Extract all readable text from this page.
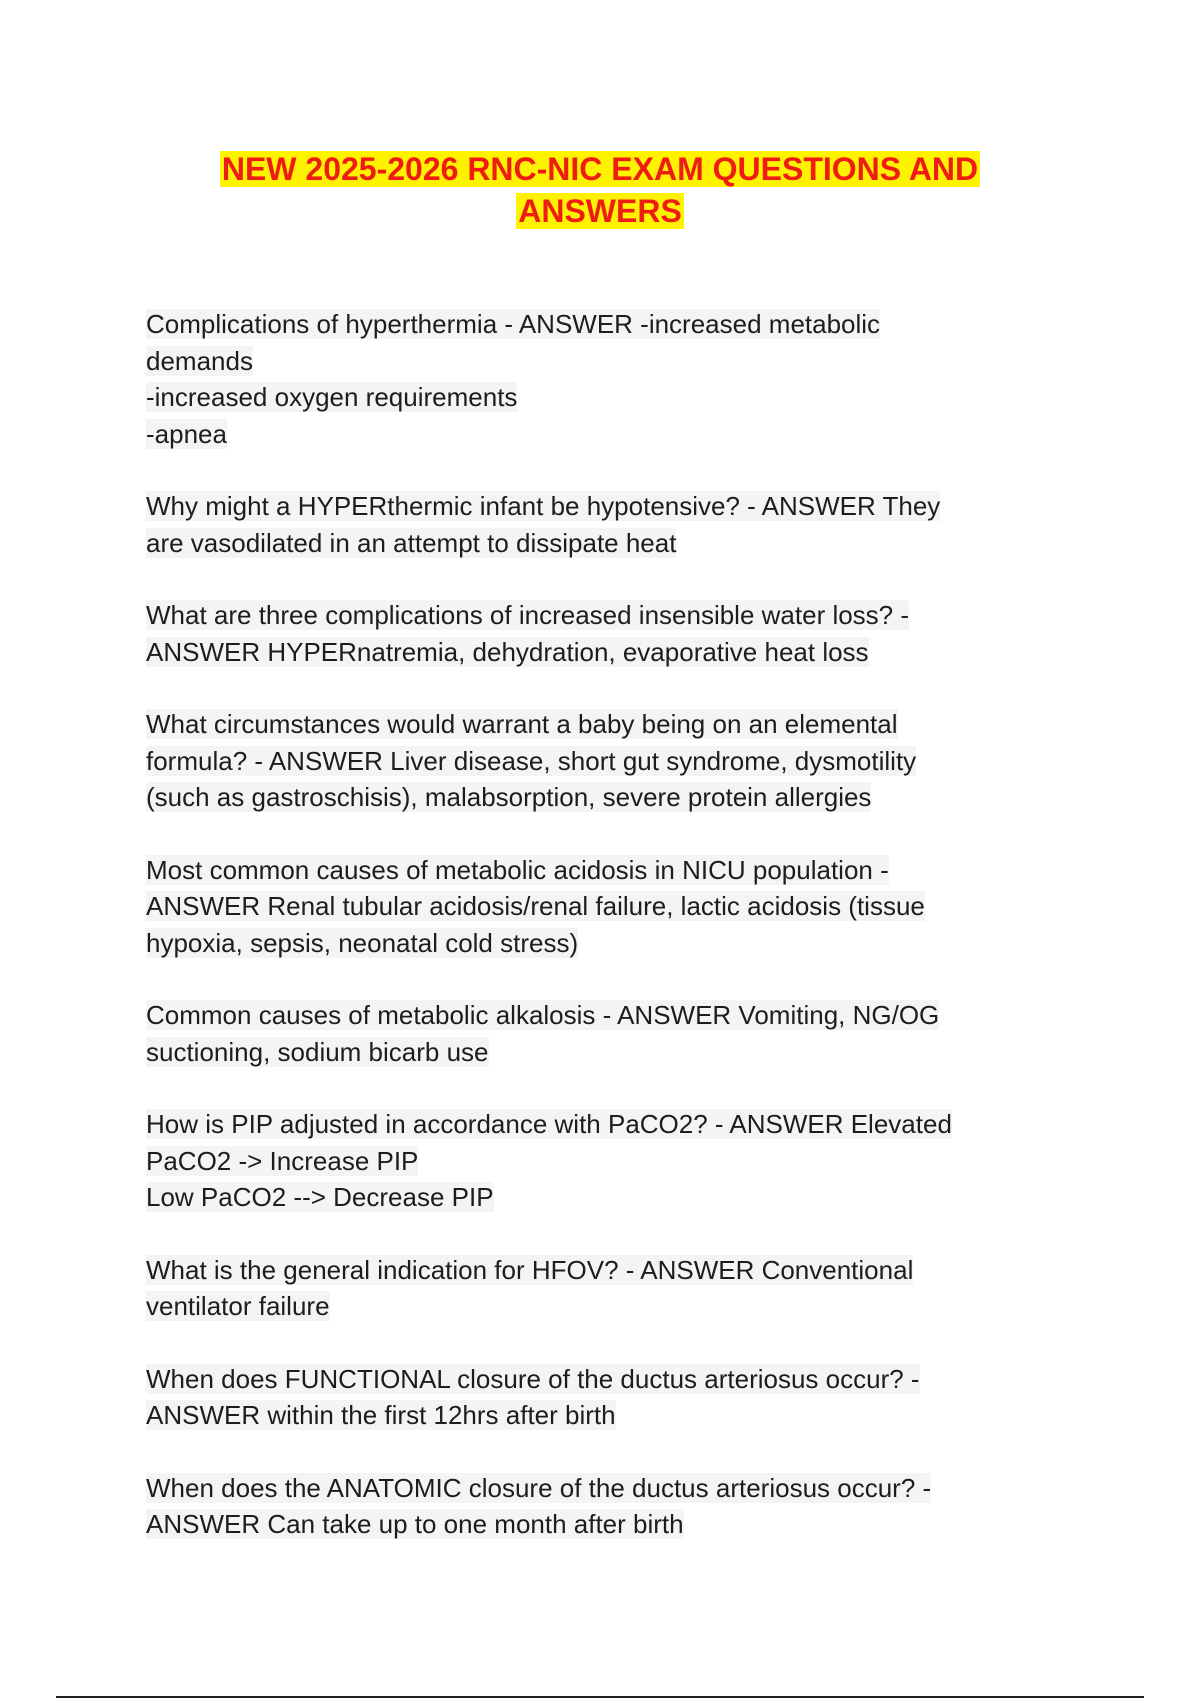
NEW 2025-2026 RNC-NIC EXAM QUESTIONS AND
ANSWERS

Complications of hyperthermia - ANSWER -increased metabolic
demands
-increased oxygen requirements
-apnea

Why might a HYPERthermic infant be hypotensive? - ANSWER They
are vasodilated in an attempt to dissipate heat

What are three complications of increased insensible water loss? -
ANSWER HYPERnatremia, dehydration, evaporative heat loss

What circumstances would warrant a baby being on an elemental
formula? - ANSWER Liver disease, short gut syndrome, dysmotility
(such as gastroschisis), malabsorption, severe protein allergies

Most common causes of metabolic acidosis in NICU population -
ANSWER Renal tubular acidosis/renal failure, lactic acidosis (tissue
hypoxia, sepsis, neonatal cold stress)

Common causes of metabolic alkalosis - ANSWER Vomiting, NG/OG
suctioning, sodium bicarb use

How is PIP adjusted in accordance with PaCO2? - ANSWER Elevated
PaCO2 -> Increase PIP
Low PaCO2 --> Decrease PIP

What is the general indication for HFOV? - ANSWER Conventional
ventilator failure

When does FUNCTIONAL closure of the ductus arteriosus occur? -
ANSWER within the first 12hrs after birth

When does the ANATOMIC closure of the ductus arteriosus occur? -
ANSWER Can take up to one month after birth
